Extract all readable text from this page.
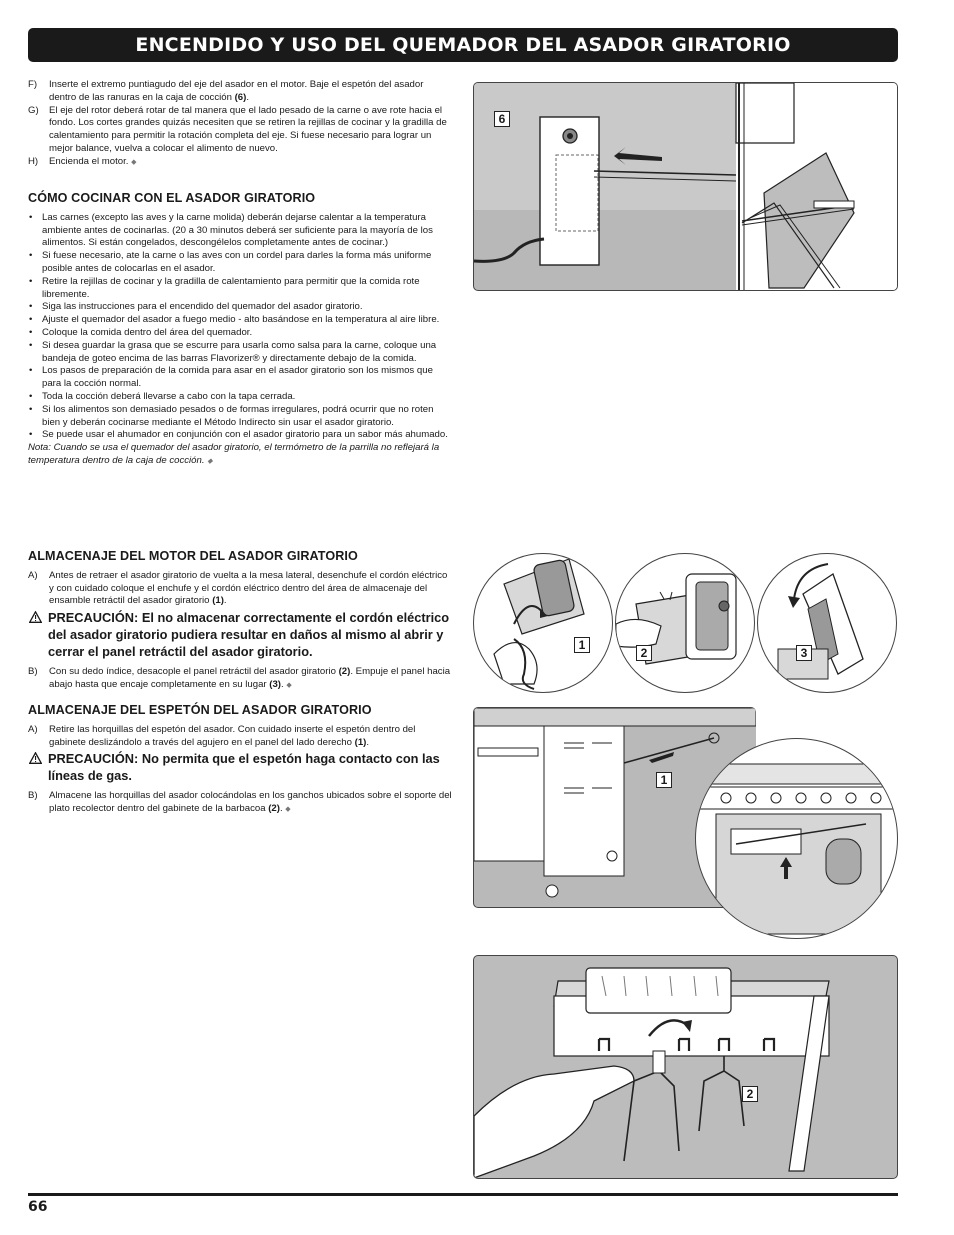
ENCENDIDO Y USO DEL QUEMADOR DEL ASADOR GIRATORIO

F) Inserte el extremo puntiagudo del eje del asador en el motor. Baje el espetón del asador dentro de las ranuras en la caja de cocción (6).

G) El eje del rotor deberá rotar de tal manera que el lado pesado de la carne o ave rote hacia el fondo. Los cortes grandes quizás necesiten que se retiren la rejillas de cocinar y la gradilla de calentamiento para permitir la rotación completa del eje. Si fuese necesario para lograr un mejor balance, vuelva a colocar el alimento de nuevo.

H) Encienda el motor. ◆

CÓMO COCINAR CON EL ASADOR GIRATORIO

• Las carnes (excepto las aves y la carne molida) deberán dejarse calentar a la temperatura ambiente antes de cocinarlas. (20 a 30 minutos deberá ser suficiente para la mayoría de los alimentos. Si están congelados, descongélelos completamente antes de cocinar.)

• Si fuese necesario, ate la carne o las aves con un cordel para darles la forma más uniforme posible antes de colocarlas en el asador.

• Retire la rejillas de cocinar y la gradilla de calentamiento para permitir que la comida rote libremente.

• Siga las instrucciones para el encendido del quemador del asador giratorio.

• Ajuste el quemador del asador a fuego medio - alto basándose en la temperatura al aire libre.

• Coloque la comida dentro del área del quemador.

• Si desea guardar la grasa que se escurre para usarla como salsa para la carne, coloque una bandeja de goteo encima de las barras Flavorizer® y directamente debajo de la comida.

• Los pasos de preparación de la comida para asar en el asador giratorio son los mismos que para la cocción normal.

• Toda la cocción deberá llevarse a cabo con la tapa cerrada.

• Si los alimentos son demasiado pesados o de formas irregulares, podrá ocurrir que no roten bien y deberán cocinarse mediante el Método Indirecto sin usar el asador giratorio.

• Se puede usar el ahumador en conjunción con el asador giratorio para un sabor más ahumado.

Nota: Cuando se usa el quemador del asador giratorio, el termómetro de la parrilla no reflejará la temperatura dentro de la caja de cocción. ◆

ALMACENAJE DEL MOTOR DEL ASADOR GIRATORIO

A) Antes de retraer el asador giratorio de vuelta a la mesa lateral, desenchufe el cordón eléctrico y con cuidado coloque el enchufe y el cordón eléctrico dentro del área de almacenaje del ensamble retráctil del asador giratorio (1).

PRECAUCIÓN: El no almacenar correctamente el cordón eléctrico del asador giratorio pudiera resultar en daños al mismo al abrir y cerrar el panel retráctil del asador giratorio.

B) Con su dedo índice, desacople el panel retráctil del asador giratorio (2). Empuje el panel hacia abajo hasta que encaje completamente en su lugar (3). ◆

ALMACENAJE DEL ESPETÓN DEL ASADOR GIRATORIO

A) Retire las horquillas del espetón del asador. Con cuidado inserte el espetón dentro del gabinete deslizándolo a través del agujero en el panel del lado derecho (1).

PRECAUCIÓN: No permita que el espetón haga contacto con las líneas de gas.

B) Almacene las horquillas del asador colocándolas en los ganchos ubicados sobre el soporte del plato recolector dentro del gabinete de la barbacoa (2). ◆

6
1
2	3
1
2
66
